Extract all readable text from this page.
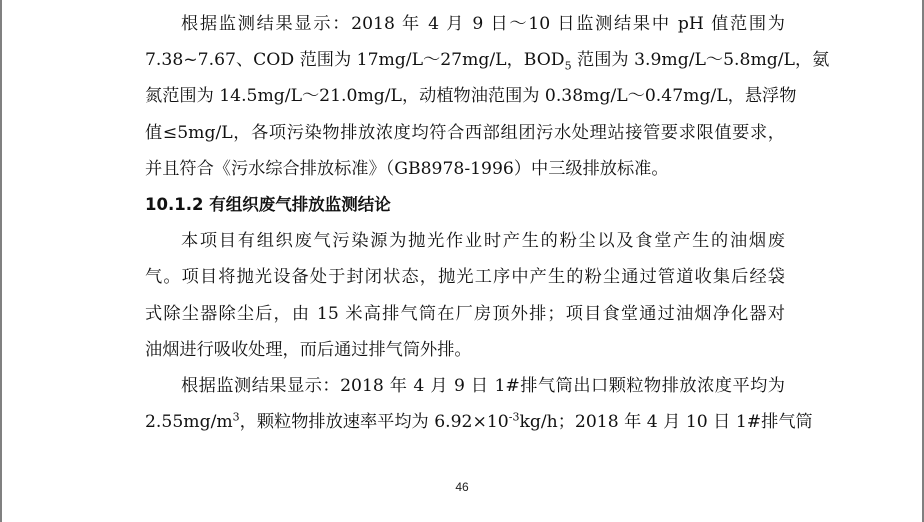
根据监测结果显示：2018 年 4 月 9 日～10 日监测结果中 pH 值范围为
7.38~7.67、COD 范围为 17mg/L～27mg/L，$BOD_5$ 范围为 3.9mg/L～5.8mg/L，氨
氮范围为 14.5mg/L～21.0mg/L，动植物油范围为 0.38mg/L～0.47mg/L，悬浮物
值≤5mg/L，各项污染物排放浓度均符合西部组团污水处理站接管要求限值要求，
并且符合《污水综合排放标准》（GB8978-1996）中三级排放标准。
10.1.2 有组织废气排放监测结论
本项目有组织废气污染源为抛光作业时产生的粉尘以及食堂产生的油烟废
气。项目将抛光设备处于封闭状态，抛光工序中产生的粉尘通过管道收集后经袋
式除尘器除尘后，由 15 米高排气筒在厂房顶外排；项目食堂通过油烟净化器对
油烟进行吸收处理，而后通过排气筒外排。
根据监测结果显示：2018 年 4 月 9 日 1#排气筒出口颗粒物排放浓度平均为
$2.55mg/m^3$，颗粒物排放速率平均为 $6.92\times 10^{-3}kg/h$；2018 年 4 月 10 日 1#排气筒
46
